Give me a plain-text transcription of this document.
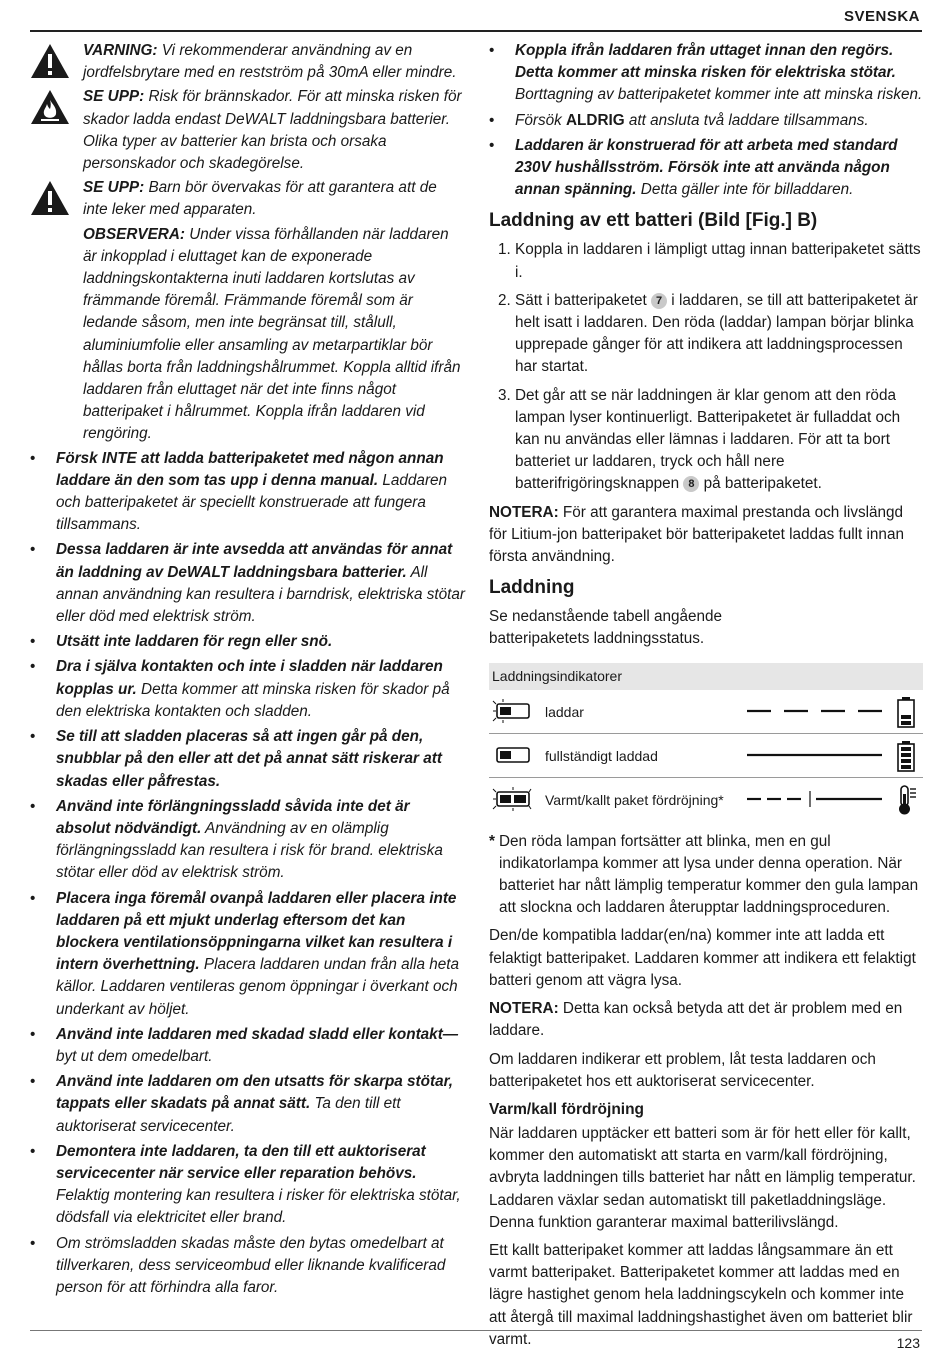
SVENSKA

VARNING: Vi rekommenderar användning av en jordfelsbrytare med en restström på 30mA eller mindre.

SE UPP: Risk för brännskador. För att minska risken för skador ladda endast DeWALT laddningsbara batterier. Olika typer av batterier kan brista och orsaka personskador och skadegörelse.

SE UPP: Barn bör övervakas för att garantera att de inte leker med apparaten.

OBSERVERA: Under vissa förhållanden när laddaren är inkopplad i eluttaget kan de exponerade laddningskontakterna inuti laddaren kortslutas av främmande föremål. Främmande föremål som är ledande såsom, men inte begränsat till, stålull, aluminiumfolie eller ansamling av metarpartiklar bör hållas borta från laddningshålrummet. Koppla alltid ifrån laddaren från eluttaget när det inte finns något batteripaket i hålrummet. Koppla ifrån laddaren vid rengöring.

• Försk INTE att ladda batteripaketet med någon annan laddare än den som tas upp i denna manual. Laddaren och batteripaketet är speciellt konstruerade att fungera tillsammans.
• Dessa laddaren är inte avsedda att användas för annat än laddning av DeWALT laddningsbara batterier. All annan användning kan resultera i barndrisk, elektriska stötar eller död med elektrisk ström.
• Utsätt inte laddaren för regn eller snö.
• Dra i själva kontakten och inte i sladden när laddaren kopplas ur. Detta kommer att minska risken för skador på den elektriska kontakten och sladden.
• Se till att sladden placeras så att ingen går på den, snubblar på den eller att det på annat sätt riskerar att skadas eller påfrestas.
• Använd inte förlängningssladd såvida inte det är absolut nödvändigt. Användning av en olämplig förlängningssladd kan resultera i risk för brand. elektriska stötar eller död av elektrisk ström.
• Placera inga föremål ovanpå laddaren eller placera inte laddaren på ett mjukt underlag eftersom det kan blockera ventilationsöppningarna vilket kan resultera i intern överhettning. Placera laddaren undan från alla heta källor. Laddaren ventileras genom öppningar i överkant och underkant av höljet.
• Använd inte laddaren med skadad sladd eller kontakt— byt ut dem omedelbart.
• Använd inte laddaren om den utsatts för skarpa stötar, tappats eller skadats på annat sätt. Ta den till ett auktoriserat servicecenter.
• Demontera inte laddaren, ta den till ett auktoriserat servicecenter när service eller reparation behövs. Felaktig montering kan resultera i risker för elektriska stötar, dödsfall via elektricitet eller brand.
• Om strömsladden skadas måste den bytas omedelbart at tillverkaren, dess serviceombud eller liknande kvalificerad person för att förhindra alla faror.
• Koppla ifrån laddaren från uttaget innan den regörs. Detta kommer att minska risken för elektriska stötar. Borttagning av batteripaketet kommer inte att minska risken.
• Försök ALDRIG att ansluta två laddare tillsammans.
• Laddaren är konstruerad för att arbeta med standard 230V hushållsström. Försök inte att använda någon annan spänning. Detta gäller inte för billaddaren.
Laddning av ett batteri (Bild [Fig.] B)
1. Koppla in laddaren i lämpligt uttag innan batteripaketet sätts i.
2. Sätt i batteripaketet 7 i laddaren, se till att batteripaketet är helt isatt i laddaren. Den röda (laddar) lampan börjar blinka upprepade gånger för att indikera att laddningsprocessen har startat.
3. Det går att se när laddningen är klar genom att den röda lampan lyser kontinuerligt. Batteripaketet är fulladdat och kan nu användas eller lämnas i laddaren. För att ta bort batteriet ur laddaren, tryck och håll nere batterifrigöringsknappen 8 på batteripaketet.

NOTERA: För att garantera maximal prestanda och livslängd för Litium-jon batteripaket bör batteripaketet laddas fullt innan första användning.

Laddning

Se nedanstående tabell angående batteripaketets laddningsstatus.

Laddningsindikatorer
laddar
fullständigt laddad
Varmt/kallt paket fördröjning*

* Den röda lampan fortsätter att blinka, men en gul indikatorlampa kommer att lysa under denna operation. När batteriet har nått lämplig temperatur kommer den gula lampan att slockna och laddaren återupptar laddningsproceduren.

Den/de kompatibla laddar(en/na) kommer inte att ladda ett felaktigt batteripaket. Laddaren kommer att indikera ett felaktigt batteri genom att vägra lysa.

NOTERA: Detta kan också betyda att det är problem med en laddare.

Om laddaren indikerar ett problem, låt testa laddaren och batteripaketet hos ett auktoriserat servicecenter.

Varm/kall fördröjning

När laddaren upptäcker ett batteri som är för hett eller för kallt, kommer den automatiskt att starta en varm/kall fördröjning, avbryta laddningen tills batteriet har nått en lämplig temperatur. Laddaren växlar sedan automatiskt till paketladdningsläge. Denna funktion garanterar maximal batterilivslängd.

Ett kallt batteripaket kommer att laddas långsammare än ett varmt batteripaket. Batteripaketet kommer att laddas med en lägre hastighet genom hela laddningscykeln och kommer inte att återgå till maximal laddningshastighet även om batteriet blir varmt.	123
